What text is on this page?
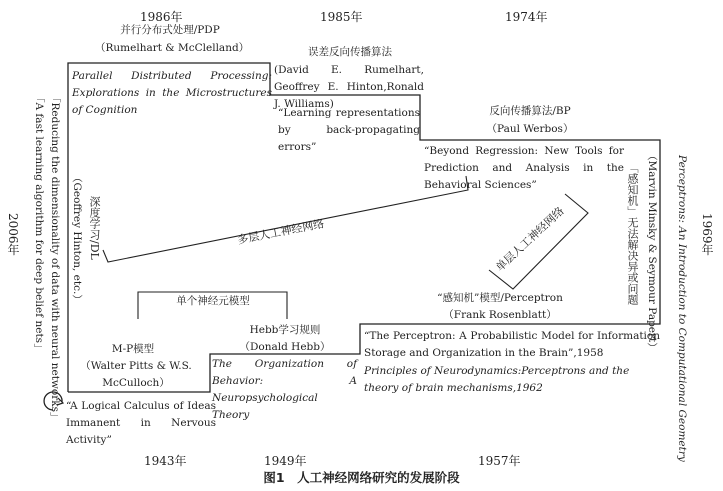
1986年	1985年	1974年
1943年	1949年	1957年
2006年	1969年
并行分布式处理/PDP
（Rumelhart & McClelland）
Parallel Distributed Processing: Explorations in the Microstructures of Cognition
误差反向传播算法
(David E. Rumelhart, Geoffrey E. Hinton,Ronald J. Williams)
“Learning representations by back-propagating errors”
反向传播算法/BP
（Paul Werbos）
“Beyond Regression: New Tools for Prediction and Analysis in the Behavioral Sciences”	Perceptrons: An Introduction to Computational Geometry
（Marvin Minsky & Seymour Papert）
「感知机」无法解决异或问题
「A fast learning algorithm for deep belief nets」 「Reducing the dimensionality of data with neural networks」 （Geoffrey Hinton, etc.） 深度学习/DL	多层人工神经网络	单层人工神经网络
单个神经元模型
M-P模型
（Walter Pitts & W.S. McCulloch）
“A Logical Calculus of Ideas Immanent in Nervous Activity”
Hebb学习规则
（Donald Hebb）
The Organization of Behavior: A Neuropsychological Theory
“感知机”模型/Perceptron
（Frank Rosenblatt）
“The Perceptron: A Probabilistic Model for Information Storage and Organization in the Brain”,1958
Principles of Neurodynamics:Perceptrons and the theory of brain mechanisms,1962
图1　人工神经网络研究的发展阶段
